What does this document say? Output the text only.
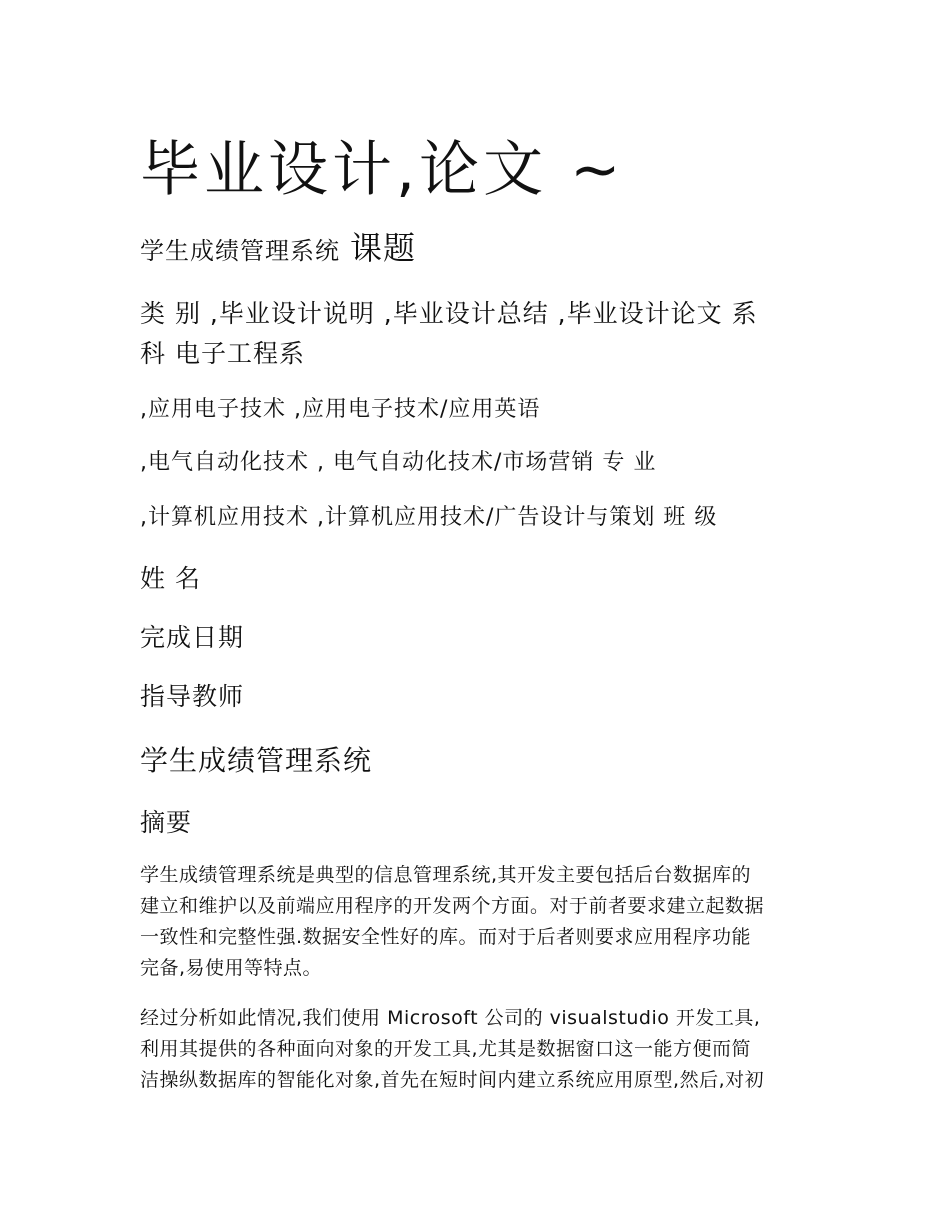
毕业设计,论文 ~
学生成绩管理系统 课题
类 别 ,毕业设计说明 ,毕业设计总结 ,毕业设计论文 系
科 电子工程系
,应用电子技术 ,应用电子技术/应用英语
,电气自动化技术 , 电气自动化技术/市场营销 专 业
,计算机应用技术 ,计算机应用技术/广告设计与策划 班 级
姓 名
完成日期
指导教师
学生成绩管理系统
摘要
学生成绩管理系统是典型的信息管理系统,其开发主要包括后台数据库的
建立和维护以及前端应用程序的开发两个方面。对于前者要求建立起数据
一致性和完整性强.数据安全性好的库。而对于后者则要求应用程序功能
完备,易使用等特点。
经过分析如此情况,我们使用 Microsoft 公司的 visualstudio 开发工具,
利用其提供的各种面向对象的开发工具,尤其是数据窗口这一能方便而简
洁操纵数据库的智能化对象,首先在短时间内建立系统应用原型,然后,对初
